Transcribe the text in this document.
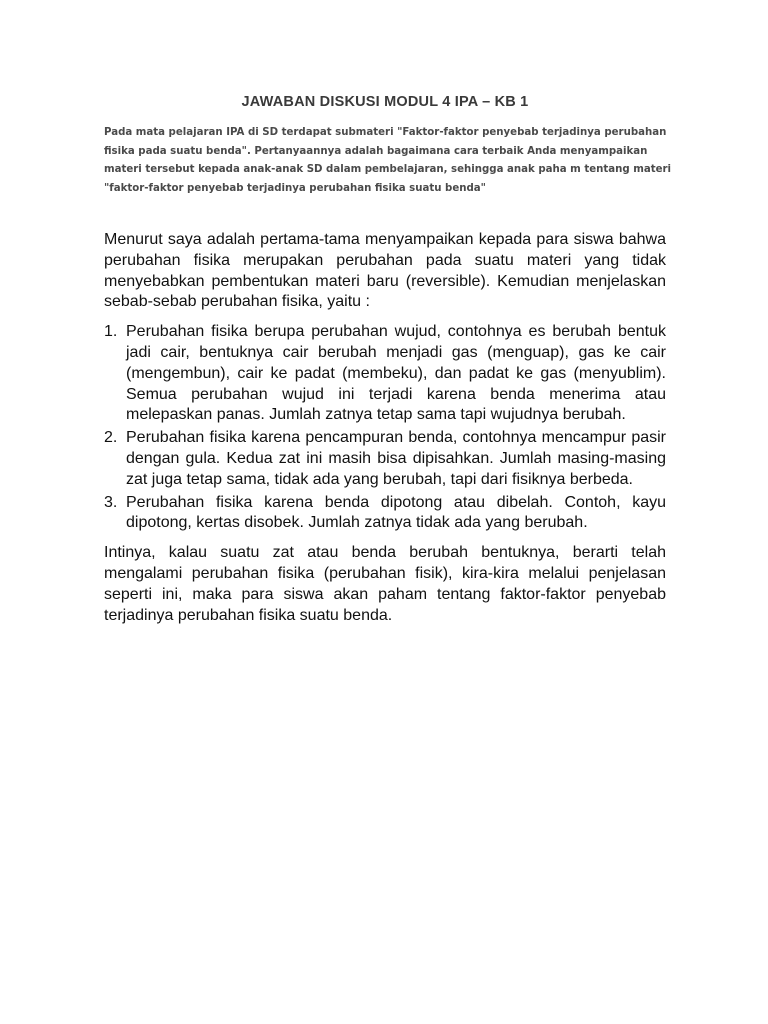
JAWABAN DISKUSI MODUL 4 IPA – KB 1
Pada mata pelajaran IPA di SD terdapat submateri "Faktor-faktor penyebab terjadinya perubahan
fisika pada suatu benda". Pertanyaannya adalah bagaimana cara terbaik Anda menyampaikan
materi tersebut kepada anak-anak SD dalam pembelajaran, sehingga anak paha m tentang materi
"faktor-faktor penyebab terjadinya perubahan fisika suatu benda"

Menurut saya adalah pertama-tama menyampaikan kepada para siswa bahwa perubahan fisika merupakan perubahan pada suatu materi yang tidak menyebabkan pembentukan materi baru (reversible). Kemudian menjelaskan sebab-sebab perubahan fisika, yaitu :

1. Perubahan fisika berupa perubahan wujud, contohnya es berubah bentuk jadi cair, bentuknya cair berubah menjadi gas (menguap), gas ke cair (mengembun), cair ke padat (membeku), dan padat ke gas (menyublim). Semua perubahan wujud ini terjadi karena benda menerima atau melepaskan panas. Jumlah zatnya tetap sama tapi wujudnya berubah.
2. Perubahan fisika karena pencampuran benda, contohnya mencampur pasir dengan gula. Kedua zat ini masih bisa dipisahkan. Jumlah masing-masing zat juga tetap sama, tidak ada yang berubah, tapi dari fisiknya berbeda.
3. Perubahan fisika karena benda dipotong atau dibelah. Contoh, kayu dipotong, kertas disobek. Jumlah zatnya tidak ada yang berubah.

Intinya, kalau suatu zat atau benda berubah bentuknya, berarti telah mengalami perubahan fisika (perubahan fisik), kira-kira melalui penjelasan seperti ini, maka para siswa akan paham tentang faktor-faktor penyebab terjadinya perubahan fisika suatu benda.
